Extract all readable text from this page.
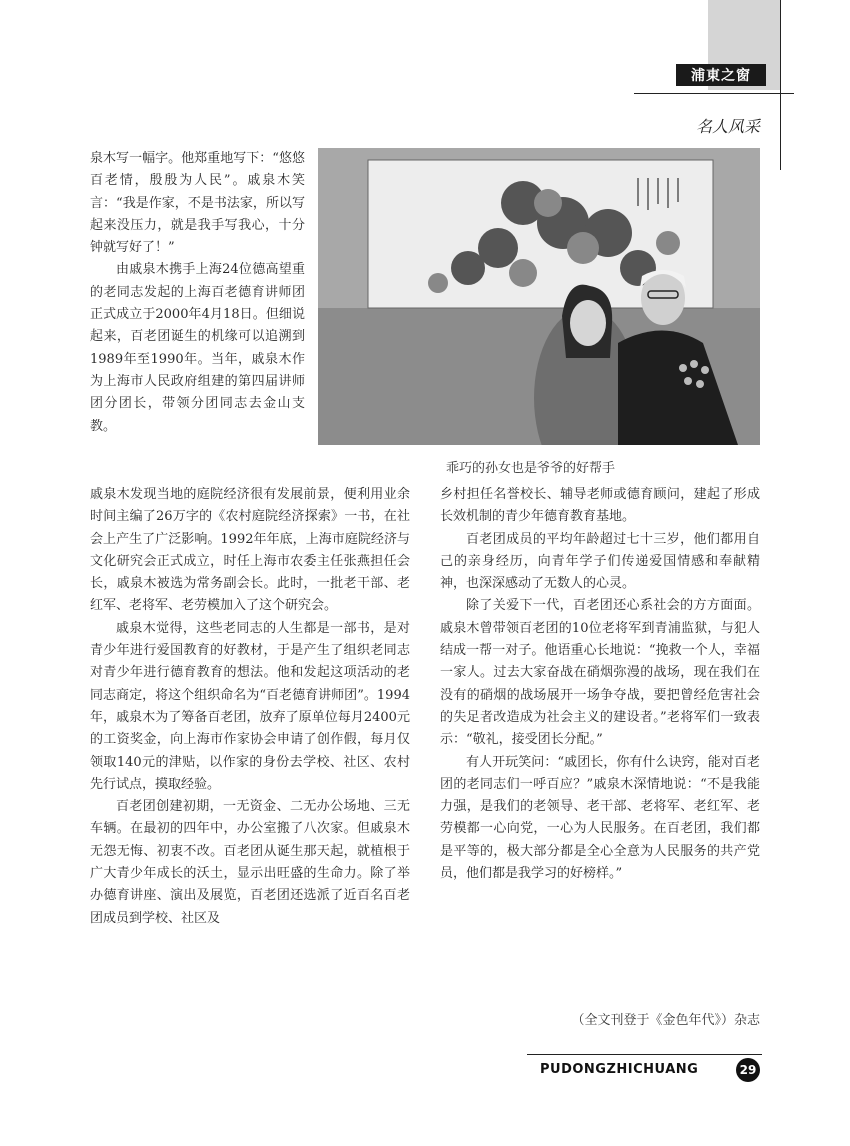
浦東之窗
名人风采
乖巧的孙女也是爷爷的好帮手

泉木写一幅字。他郑重地写下：“悠悠百老情，殷殷为人民”。戚泉木笑言：“我是作家，不是书法家，所以写起来没压力，就是我手写我心，十分钟就写好了！”

由戚泉木携手上海24位德高望重的老同志发起的上海百老德育讲师团正式成立于2000年4月18日。但细说起来，百老团诞生的机缘可以追溯到1989年至1990年。当年，戚泉木作为上海市人民政府组建的第四届讲师团分团长，带领分团同志去金山支教。

戚泉木发现当地的庭院经济很有发展前景，便利用业余时间主编了26万字的《农村庭院经济探索》一书，在社会上产生了广泛影响。1992年年底，上海市庭院经济与文化研究会正式成立，时任上海市农委主任张燕担任会长，戚泉木被选为常务副会长。此时，一批老干部、老红军、老将军、老劳模加入了这个研究会。

戚泉木觉得，这些老同志的人生都是一部书，是对青少年进行爱国教育的好教材，于是产生了组织老同志对青少年进行德育教育的想法。他和发起这项活动的老同志商定，将这个组织命名为“百老德育讲师团”。1994年，戚泉木为了筹备百老团，放弃了原单位每月2400元的工资奖金，向上海市作家协会申请了创作假，每月仅领取140元的津贴，以作家的身份去学校、社区、农村先行试点，摸取经验。

百老团创建初期，一无资金、二无办公场地、三无车辆。在最初的四年中，办公室搬了八次家。但戚泉木无怨无悔、初衷不改。百老团从诞生那天起，就植根于广大青少年成长的沃土，显示出旺盛的生命力。除了举办德育讲座、演出及展览，百老团还选派了近百名百老团成员到学校、社区及

乡村担任名誉校长、辅导老师或德育顾问，建起了形成长效机制的青少年德育教育基地。

百老团成员的平均年龄超过七十三岁，他们都用自己的亲身经历，向青年学子们传递爱国情感和奉献精神，也深深感动了无数人的心灵。

除了关爱下一代，百老团还心系社会的方方面面。戚泉木曾带领百老团的10位老将军到青浦监狱，与犯人结成一帮一对子。他语重心长地说：“挽救一个人，幸福一家人。过去大家奋战在硝烟弥漫的战场，现在我们在没有的硝烟的战场展开一场争夺战，要把曾经危害社会的失足者改造成为社会主义的建设者。”老将军们一致表示：“敬礼，接受团长分配。”

有人开玩笑问：“戚团长，你有什么诀窍，能对百老团的老同志们一呼百应？”戚泉木深情地说：“不是我能力强，是我们的老领导、老干部、老将军、老红军、老劳模都一心向党，一心为人民服务。在百老团，我们都是平等的，极大部分都是全心全意为人民服务的共产党员，他们都是我学习的好榜样。”

（全文刊登于《金色年代》）杂志
PUDONGZHICHUANG	29
